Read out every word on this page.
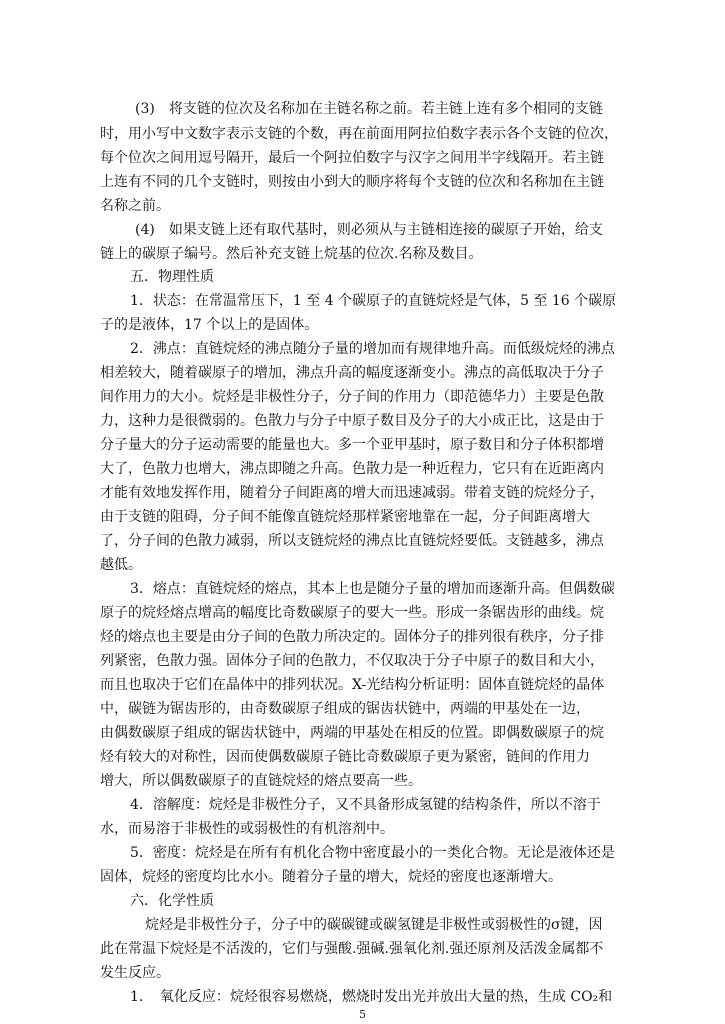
(3)　将支链的位次及名称加在主链名称之前。若主链上连有多个相同的支链
时，用小写中文数字表示支链的个数，再在前面用阿拉伯数字表示各个支链的位次，
每个位次之间用逗号隔开，最后一个阿拉伯数字与汉字之间用半字线隔开。若主链
上连有不同的几个支链时，则按由小到大的顺序将每个支链的位次和名称加在主链
名称之前。
(4)　如果支链上还有取代基时，则必须从与主链相连接的碳原子开始，给支
链上的碳原子编号。然后补充支链上烷基的位次.名称及数目。
五．物理性质
1．状态：在常温常压下，1 至 4 个碳原子的直链烷烃是气体，5 至 16 个碳原
子的是液体，17 个以上的是固体。
2．沸点：直链烷烃的沸点随分子量的增加而有规律地升高。而低级烷烃的沸点
相差较大，随着碳原子的增加，沸点升高的幅度逐渐变小。沸点的高低取决于分子
间作用力的大小。烷烃是非极性分子，分子间的作用力（即范德华力）主要是色散
力，这种力是很微弱的。色散力与分子中原子数目及分子的大小成正比，这是由于
分子量大的分子运动需要的能量也大。多一个亚甲基时，原子数目和分子体积都增
大了，色散力也增大，沸点即随之升高。色散力是一种近程力，它只有在近距离内
才能有效地发挥作用，随着分子间距离的增大而迅速减弱。带着支链的烷烃分子，
由于支链的阻碍，分子间不能像直链烷烃那样紧密地靠在一起，分子间距离增大
了，分子间的色散力减弱，所以支链烷烃的沸点比直链烷烃要低。支链越多，沸点
越低。
3．熔点：直链烷烃的熔点，其本上也是随分子量的增加而逐渐升高。但偶数碳
原子的烷烃熔点增高的幅度比奇数碳原子的要大一些。形成一条锯齿形的曲线。烷
烃的熔点也主要是由分子间的色散力所决定的。固体分子的排列很有秩序，分子排
列紧密，色散力强。固体分子间的色散力，不仅取决于分子中原子的数目和大小，
而且也取决于它们在晶体中的排列状况。X-光结构分析证明：固体直链烷烃的晶体
中，碳链为锯齿形的，由奇数碳原子组成的锯齿状链中，两端的甲基处在一边，
由偶数碳原子组成的锯齿状链中，两端的甲基处在相反的位置。即偶数碳原子的烷
烃有较大的对称性，因而使偶数碳原子链比奇数碳原子更为紧密，链间的作用力
增大，所以偶数碳原子的直链烷烃的熔点要高一些。
4．溶解度：烷烃是非极性分子，又不具备形成氢键的结构条件，所以不溶于
水，而易溶于非极性的或弱极性的有机溶剂中。
5．密度：烷烃是在所有有机化合物中密度最小的一类化合物。无论是液体还是
固体，烷烃的密度均比水小。随着分子量的增大，烷烃的密度也逐渐增大。
六．化学性质
烷烃是非极性分子，分子中的碳碳键或碳氢键是非极性或弱极性的σ键，因
此在常温下烷烃是不活泼的，它们与强酸.强碱.强氧化剂.强还原剂及活泼金属都不
发生反应。
1．　氧化反应：烷烃很容易燃烧，燃烧时发出光并放出大量的热，生成 CO₂和
5
